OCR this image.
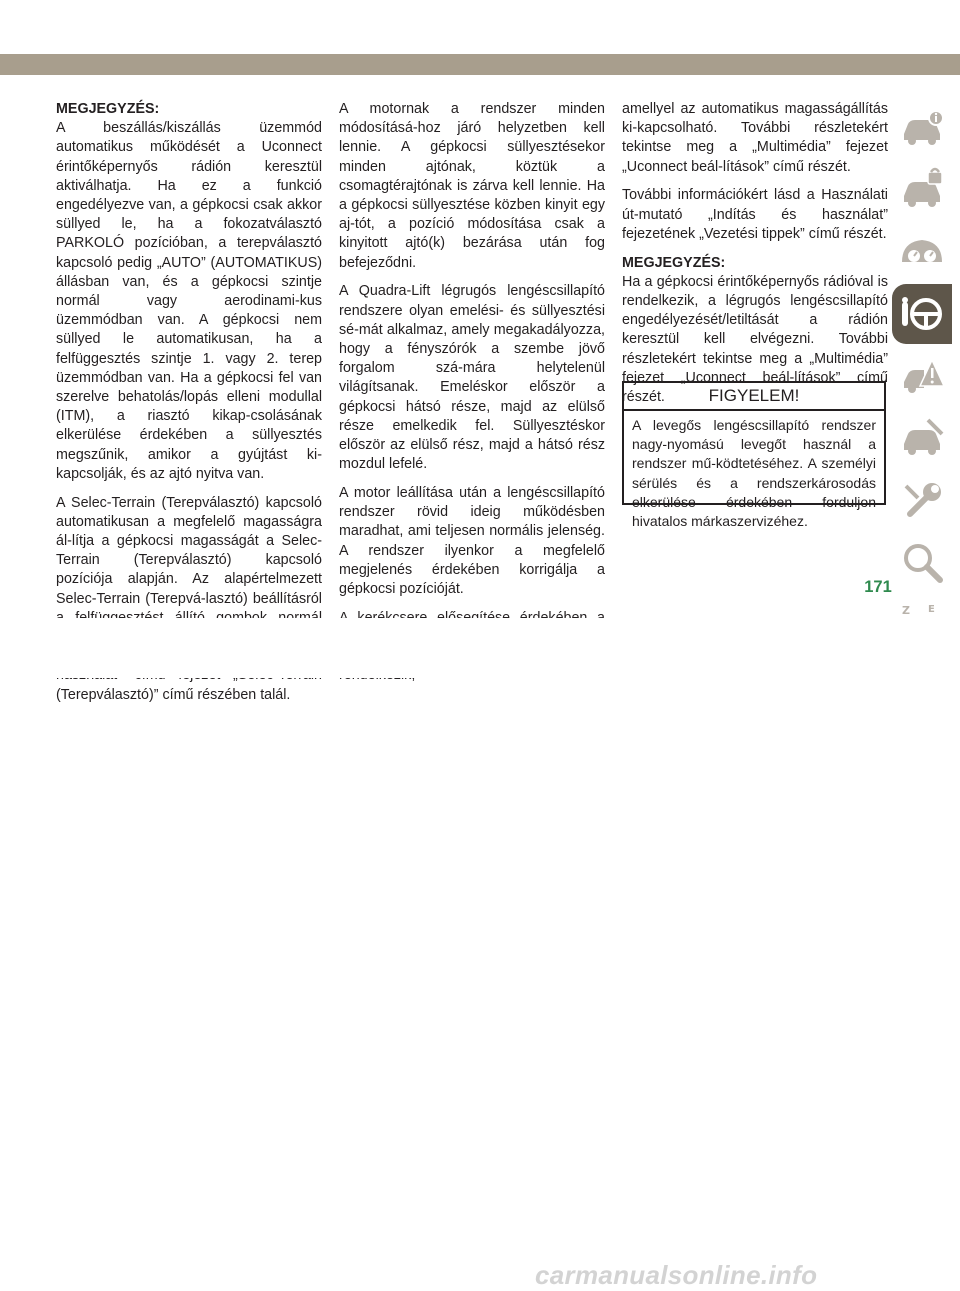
MEGJEGYZÉS:

A beszállás/kiszállás üzemmód automatikus működését a Uconnect érintőképernyős rádión keresztül aktiválhatja. Ha ez a funkció engedélyezve van, a gépkocsi csak akkor süllyed le, ha a fokozatválasztó PARKOLÓ pozícióban, a terepválasztó kapcsoló pedig „AUTO” (AUTOMATIKUS) állásban van, és a gépkocsi szintje normál vagy aerodinami-kus üzemmódban van. A gépkocsi nem süllyed le automatikusan, ha a felfüggesztés szintje 1. vagy 2. terep üzemmódban van. Ha a gépkocsi fel van szerelve behatolás/lopás elleni modullal (ITM), a riasztó kikap-csolásának elkerülése érdekében a süllyesztés megszűnik, amikor a gyújtást ki-kapcsolják, és az ajtó nyitva van.

A Selec-Terrain (Terepválasztó) kapcsoló automatikusan a megfelelő magasságra ál-lítja a gépkocsi magasságát a Selec-Terrain (Terepválasztó) kapcsoló pozíciója alapján. Az alapértelmezett Selec-Terrain (Terepvá-lasztó) beállításról (Terepválasztó)” című részében talál.

A motornak a rendszer minden módosításá-hoz járó helyzetben kell lennie. A gépkocsi süllyesztésekor minden ajtónak, köztük a csomagtérajtónak is zárva kell lennie. Ha a gépkocsi süllyesztése közben kinyit egy aj-tót, a pozíció módosítása csak a kinyitott ajtó(k) bezárása után fog befejeződni.

A Quadra-Lift légrugós lengéscsillapító rendszere olyan emelési- és süllyesztési sé-mát alkalmaz, amely megakadályozza, hogy a fényszórók a szembe jövő forgalom szá-mára helytelenül világítsanak. Emeléskor először a gépkocsi hátsó része, majd az elülső része emelkedik fel. Süllyesztéskor először az elülső rész, majd a hátsó rész mozdul lefelé.

A motor leállítása után a lengéscsillapító rendszer rövid ideig működésben maradhat, ami teljesen normális jelenség. A rendszer ilyenkor a megfelelő megjelenés érdekében korrigálja a gépkocsi pozícióját.

amellyel az automatikus magasságállítás ki-kapcsolható. További részletekért tekintse meg a „Multimédia” fejezet „Uconnect beál-lítások” című részét.

További információkért lásd a Használati út-mutató „Indítás és használat” fejezetének „Vezetési tippek” című részét.

MEGJEGYZÉS:

Ha a gépkocsi érintőképernyős rádióval is rendelkezik, a légrugós lengéscsillapító engedélyezését/letiltását a rádión keresztül kell elvégezni. További részletekért tekintse meg a „Multimédia” fejezet „Uconnect beál-lítások” című részét.	FIGYELEM!
A levegős lengéscsillapító rendszer nagy-nyomású levegőt használ a rendszer mű-ködtetéséhez. A személyi sérülés és a rendszerkárosodás elkerülése érdekében forduljon hivatalos márkaszervizéhez.
Z E
171
carmanualsonline.info
